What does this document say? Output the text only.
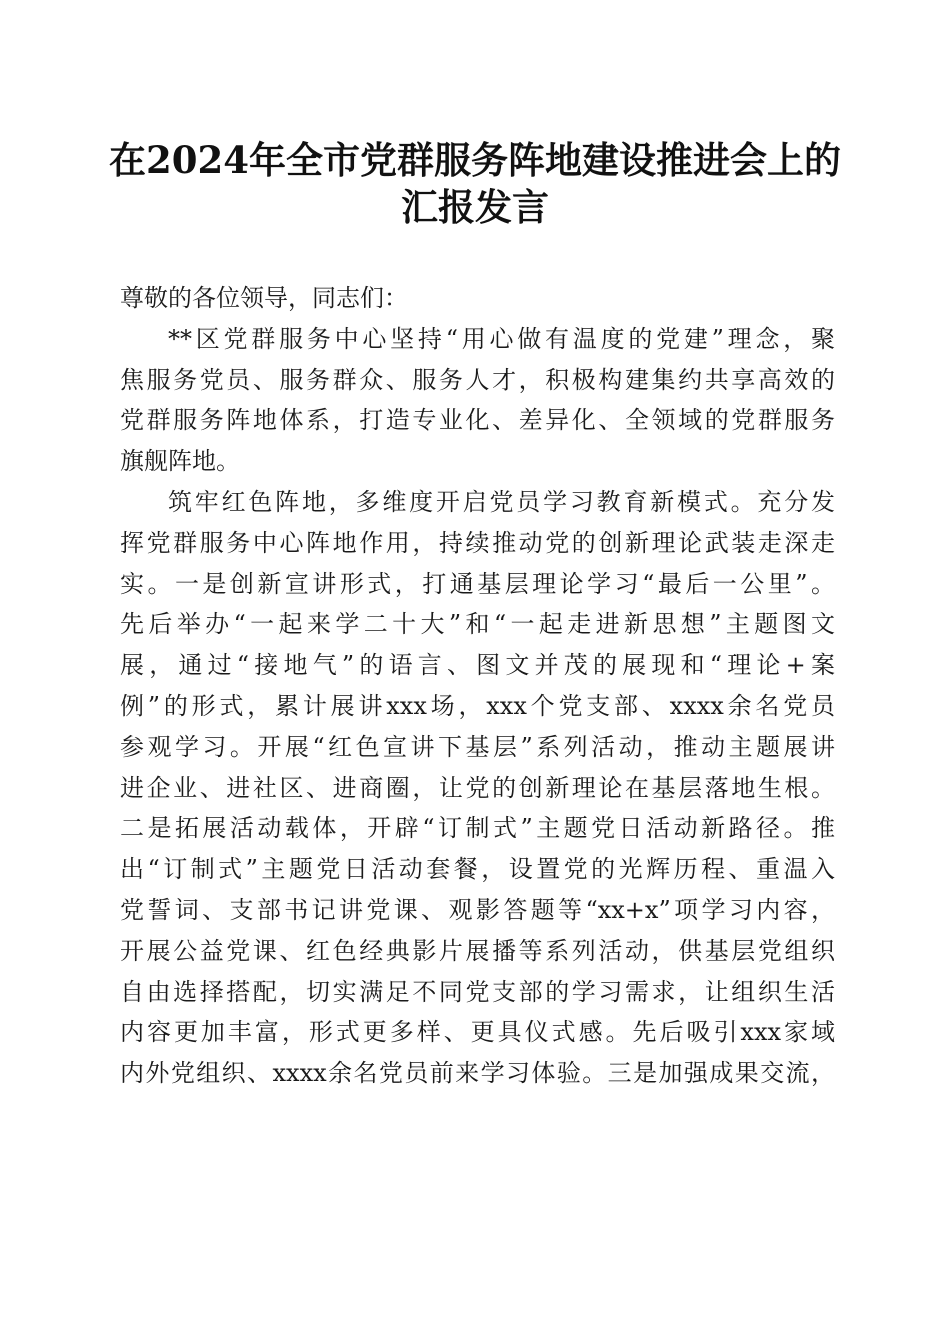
在2024年全市党群服务阵地建设推进会上的
汇报发言
尊敬的各位领导，同志们：
**区党群服务中心坚持“用心做有温度的党建”理念，聚
焦服务党员、服务群众、服务人才，积极构建集约共享高效的
党群服务阵地体系，打造专业化、差异化、全领域的党群服务
旗舰阵地。
筑牢红色阵地，多维度开启党员学习教育新模式。充分发
挥党群服务中心阵地作用，持续推动党的创新理论武装走深走
实。一是创新宣讲形式，打通基层理论学习“最后一公里”。
先后举办“一起来学二十大”和“一起走进新思想”主题图文
展，通过“接地气”的语言、图文并茂的展现和“理论+案
例”的形式，累计展讲xxx场，xxx个党支部、xxxx余名党员
参观学习。开展“红色宣讲下基层”系列活动，推动主题展讲
进企业、进社区、进商圈，让党的创新理论在基层落地生根。
二是拓展活动载体，开辟“订制式”主题党日活动新路径。推
出“订制式”主题党日活动套餐，设置党的光辉历程、重温入
党誓词、支部书记讲党课、观影答题等“xx+x”项学习内容，
开展公益党课、红色经典影片展播等系列活动，供基层党组织
自由选择搭配，切实满足不同党支部的学习需求，让组织生活
内容更加丰富，形式更多样、更具仪式感。先后吸引xxx家域
内外党组织、xxxx余名党员前来学习体验。三是加强成果交流，
